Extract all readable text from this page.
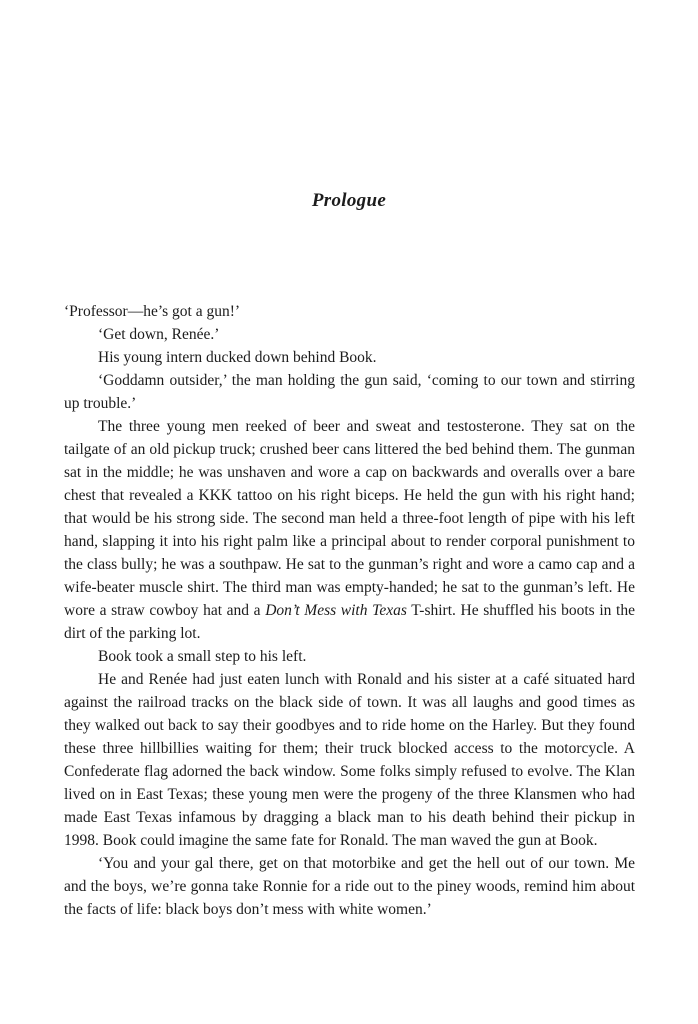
Prologue

‘Professor—he’s got a gun!’

‘Get down, Renée.’

His young intern ducked down behind Book.

‘Goddamn outsider,’ the man holding the gun said, ‘coming to our town and stirring up trouble.’

The three young men reeked of beer and sweat and testosterone. They sat on the tailgate of an old pickup truck; crushed beer cans littered the bed behind them. The gunman sat in the middle; he was unshaven and wore a cap on backwards and overalls over a bare chest that revealed a KKK tattoo on his right biceps. He held the gun with his right hand; that would be his strong side. The second man held a three-foot length of pipe with his left hand, slapping it into his right palm like a principal about to render corporal punishment to the class bully; he was a southpaw. He sat to the gunman’s right and wore a camo cap and a wife-beater muscle shirt. The third man was empty-handed; he sat to the gunman’s left. He wore a straw cowboy hat and a Don’t Mess with Texas T-shirt. He shuffled his boots in the dirt of the parking lot.

Book took a small step to his left.

He and Renée had just eaten lunch with Ronald and his sister at a café situated hard against the railroad tracks on the black side of town. It was all laughs and good times as they walked out back to say their goodbyes and to ride home on the Harley. But they found these three hillbillies waiting for them; their truck blocked access to the motorcycle. A Confederate flag adorned the back window. Some folks simply refused to evolve. The Klan lived on in East Texas; these young men were the progeny of the three Klansmen who had made East Texas infamous by dragging a black man to his death behind their pickup in 1998. Book could imagine the same fate for Ronald. The man waved the gun at Book.

‘You and your gal there, get on that motorbike and get the hell out of our town. Me and the boys, we’re gonna take Ronnie for a ride out to the piney woods, remind him about the facts of life: black boys don’t mess with white women.’
